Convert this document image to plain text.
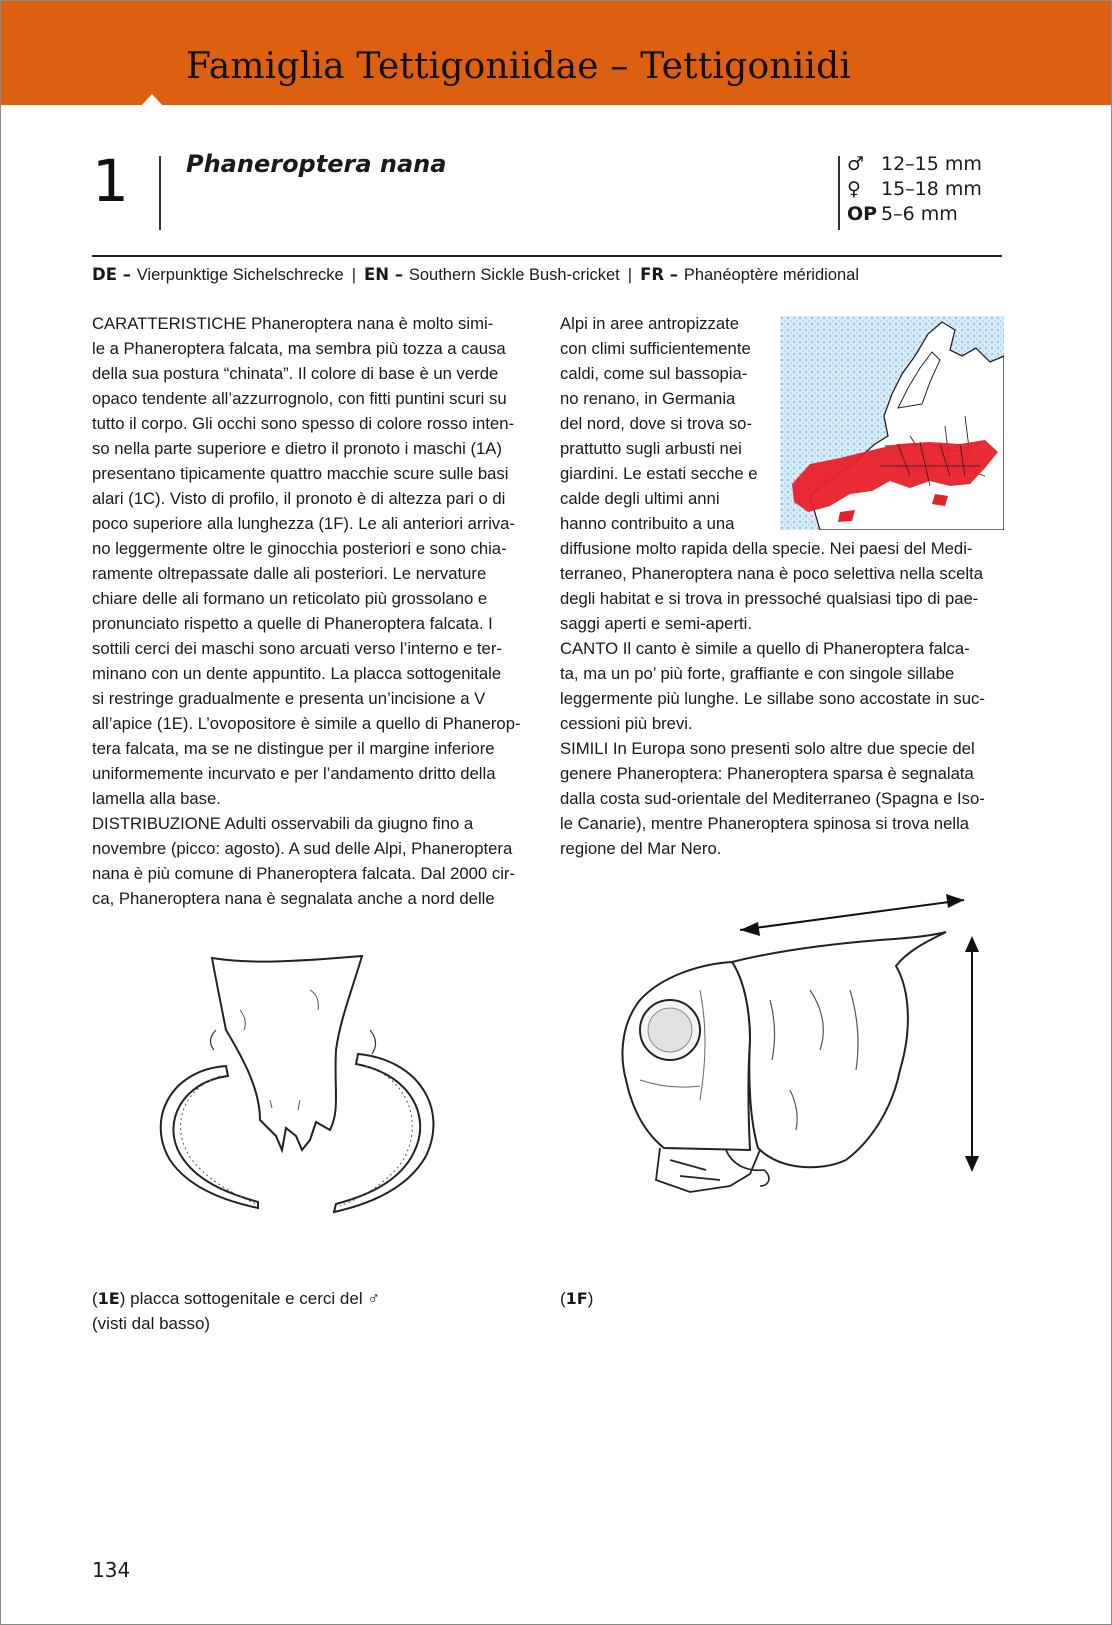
Famiglia Tettigoniidae – Tettigoniidi
1 Phaneroptera nana	♂ 12–15 mm
♀ 15–18 mm
OP 5–6 mm
DE – Vierpunktige Sichelschrecke | EN – Southern Sickle Bush-cricket | FR – Phanéoptère méridional
CARATTERISTICHE Phaneroptera nana è molto simi-
le a Phaneroptera falcata, ma sembra più tozza a causa
della sua postura “chinata”. Il colore di base è un verde
opaco tendente all’azzurrognolo, con fitti puntini scuri su
tutto il corpo. Gli occhi sono spesso di colore rosso inten-
so nella parte superiore e dietro il pronoto i maschi (1A)
presentano tipicamente quattro macchie scure sulle basi
alari (1C). Visto di profilo, il pronoto è di altezza pari o di
poco superiore alla lunghezza (1F). Le ali anteriori arriva-
no leggermente oltre le ginocchia posteriori e sono chia-
ramente oltrepassate dalle ali posteriori. Le nervature
chiare delle ali formano un reticolato più grossolano e
pronunciato rispetto a quelle di Phaneroptera falcata. I
sottili cerci dei maschi sono arcuati verso l’interno e ter-
minano con un dente appuntito. La placca sottogenitale
si restringe gradualmente e presenta un’incisione a V
all’apice (1E). L’ovopositore è simile a quello di Phanerop-
tera falcata, ma se ne distingue per il margine inferiore
uniformemente incurvato e per l’andamento dritto della
lamella alla base.
DISTRIBUZIONE Adulti osservabili da giugno fino a
novembre (picco: agosto). A sud delle Alpi, Phaneroptera
nana è più comune di Phaneroptera falcata. Dal 2000 cir-
ca, Phaneroptera nana è segnalata anche a nord delle
Alpi in aree antropizzate
con climi sufficientemente
caldi, come sul bassopia-
no renano, in Germania
del nord, dove si trova so-
prattutto sugli arbusti nei
giardini. Le estati secche e
calde degli ultimi anni
hanno contribuito a una
diffusione molto rapida della specie. Nei paesi del Medi-
terraneo, Phaneroptera nana è poco selettiva nella scelta
degli habitat e si trova in pressoché qualsiasi tipo di pae-
saggi aperti e semi-aperti.
CANTO Il canto è simile a quello di Phaneroptera falca-
ta, ma un po’ più forte, graffiante e con singole sillabe
leggermente più lunghe. Le sillabe sono accostate in suc-
cessioni più brevi.
SIMILI In Europa sono presenti solo altre due specie del
genere Phaneroptera: Phaneroptera sparsa è segnalata
dalla costa sud-orientale del Mediterraneo (Spagna e Iso-
le Canarie), mentre Phaneroptera spinosa si trova nella
regione del Mar Nero.
(1E) placca sottogenitale e cerci del ♂
(visti dal basso)
(1F)
134
